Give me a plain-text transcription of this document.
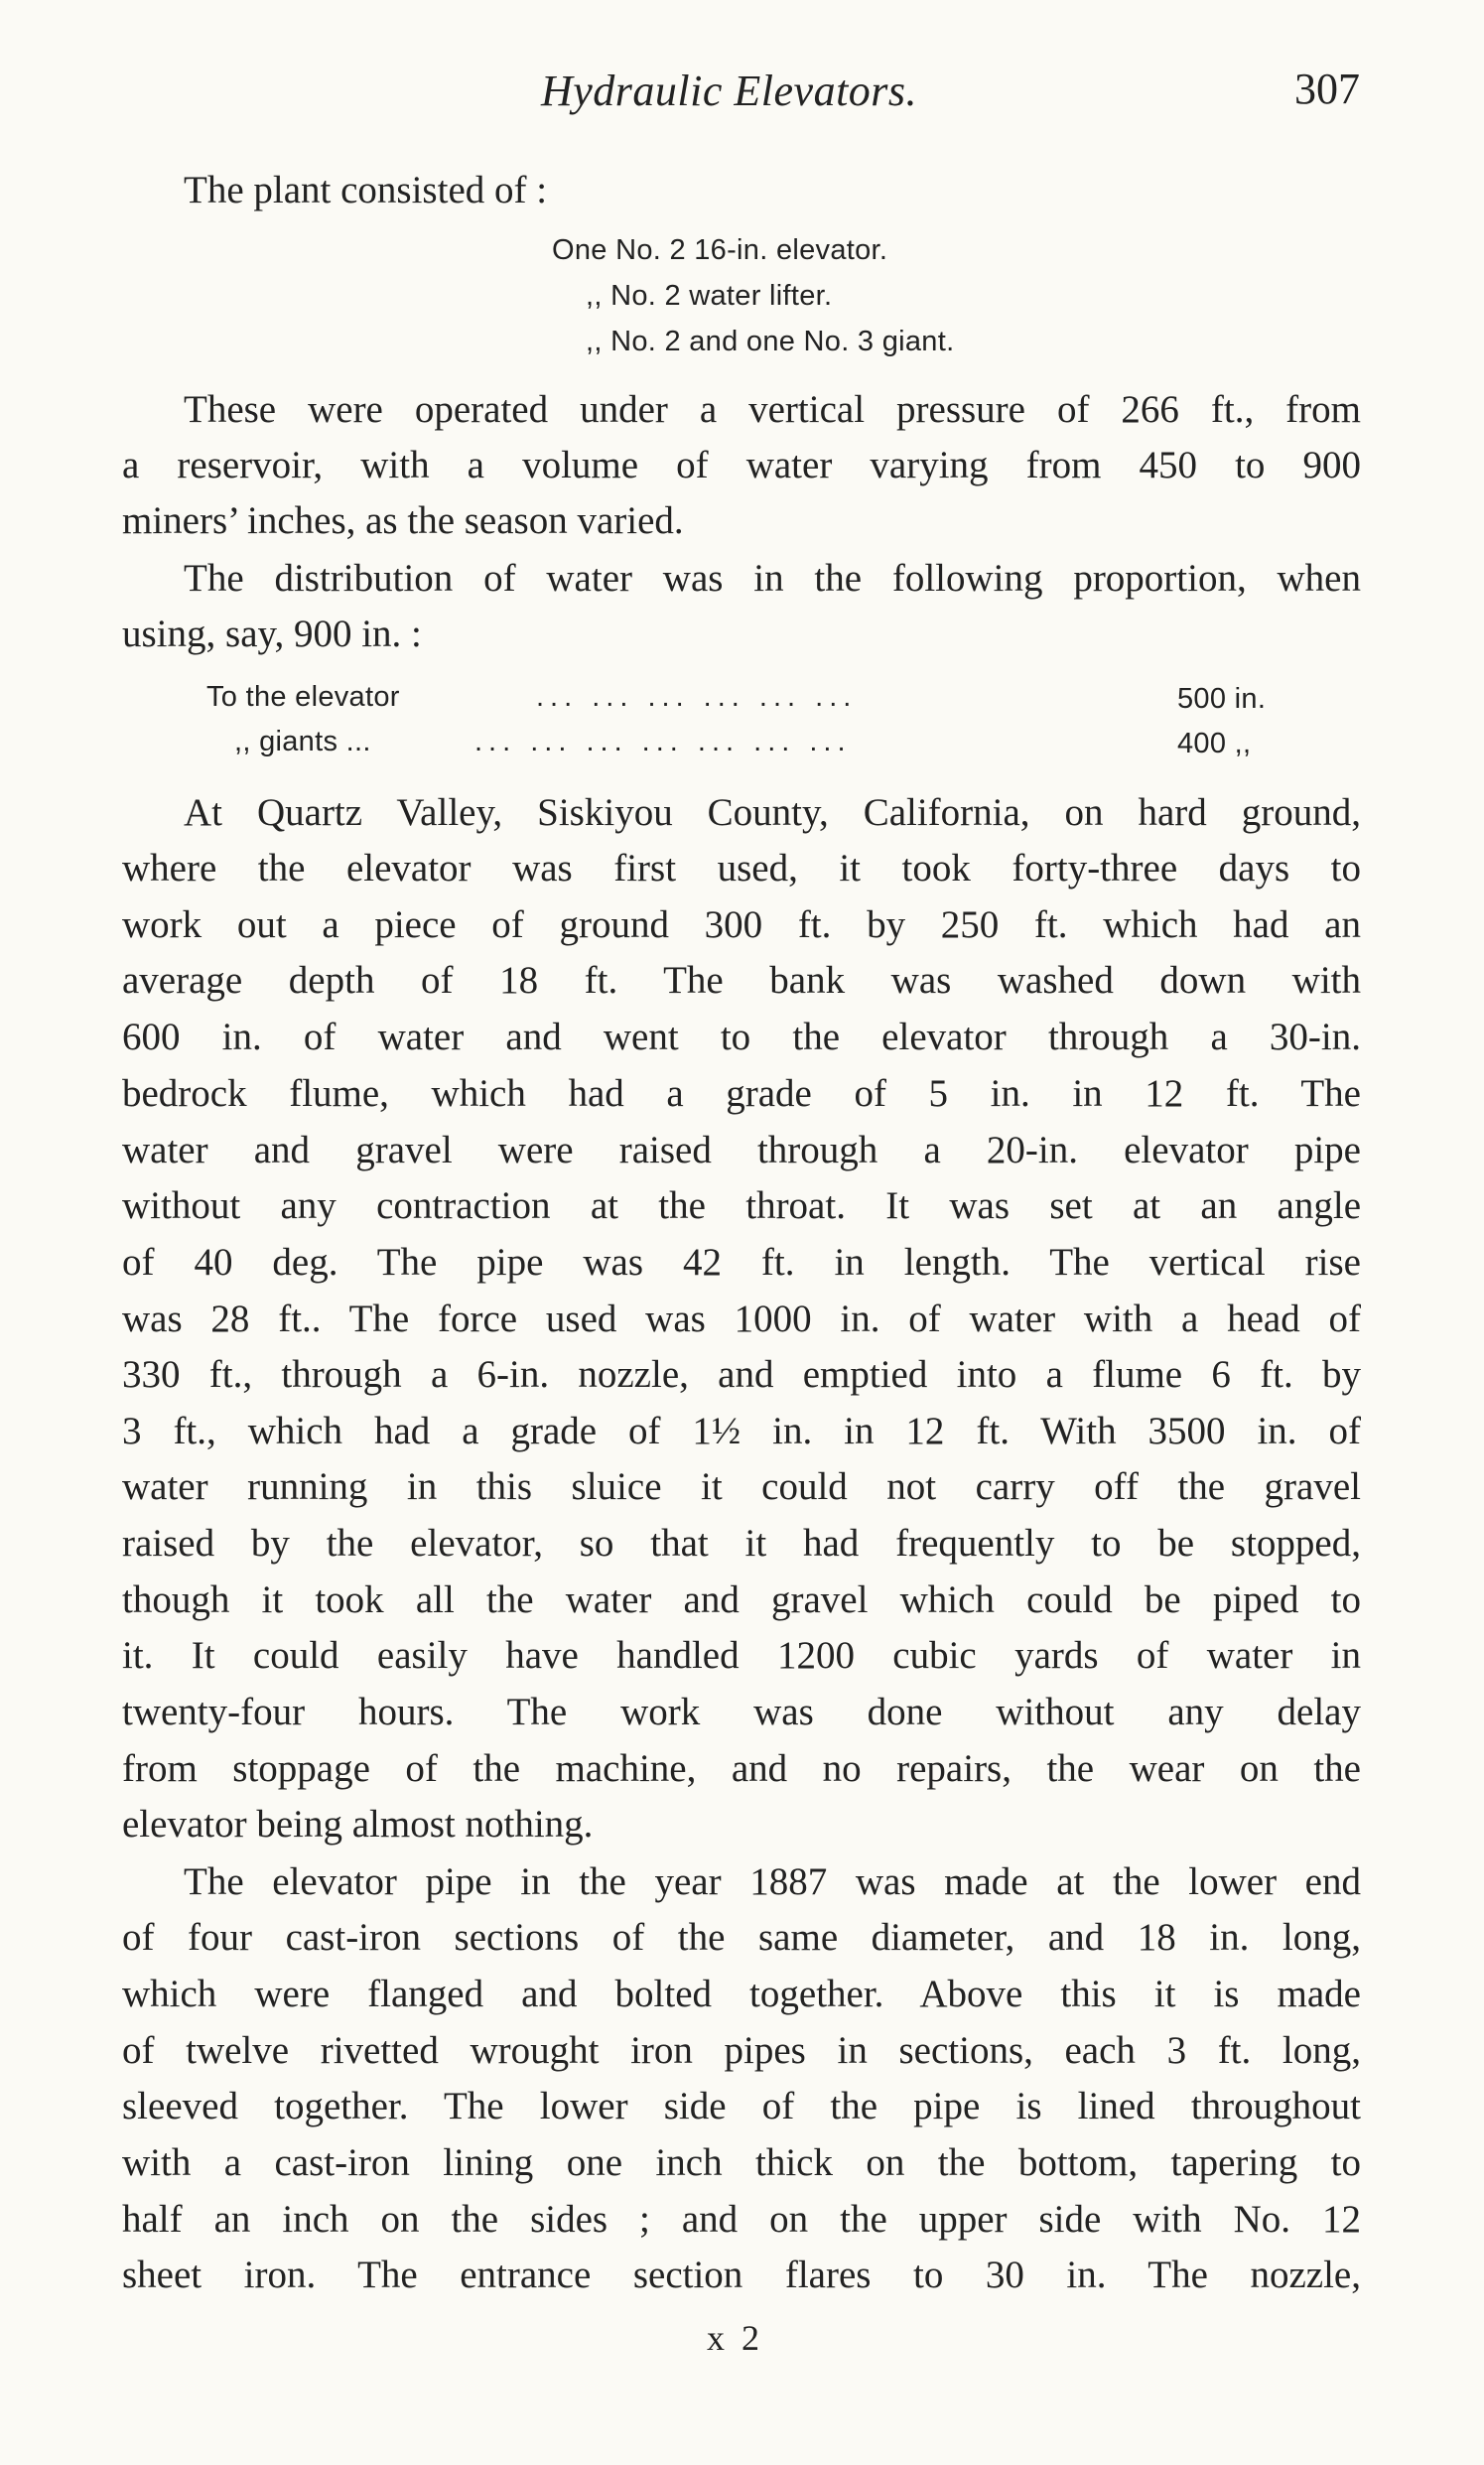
Hydraulic Elevators.	307
The plant consisted of :
One No. 2 16-in. elevator.
,, No. 2 water lifter.
,, No. 2 and one No. 3 giant.
These were operated under a vertical pressure of 266 ft., from
a reservoir, with a volume of water varying from 450 to 900
miners’ inches, as the season varied.
The distribution of water was in the following proportion, when
using, say, 900 in. :
To the elevator	... ... ... ... ... ...	500 in.
,, giants ...	... ... ... ... ... ... ...	400 ,,
At Quartz Valley, Siskiyou County, California, on hard ground,
where the elevator was first used, it took forty-three days to
work out a piece of ground 300 ft. by 250 ft. which had an
average depth of 18 ft. The bank was washed down with
600 in. of water and went to the elevator through a 30-in.
bedrock flume, which had a grade of 5 in. in 12 ft. The
water and gravel were raised through a 20-in. elevator pipe
without any contraction at the throat. It was set at an angle
of 40 deg. The pipe was 42 ft. in length. The vertical rise
was 28 ft.. The force used was 1000 in. of water with a head of
330 ft., through a 6-in. nozzle, and emptied into a flume 6 ft. by
3 ft., which had a grade of 1½ in. in 12 ft. With 3500 in. of
water running in this sluice it could not carry off the gravel
raised by the elevator, so that it had frequently to be stopped,
though it took all the water and gravel which could be piped to
it. It could easily have handled 1200 cubic yards of water in
twenty-four hours. The work was done without any delay
from stoppage of the machine, and no repairs, the wear on the
elevator being almost nothing.
The elevator pipe in the year 1887 was made at the lower end
of four cast-iron sections of the same diameter, and 18 in. long,
which were flanged and bolted together. Above this it is made
of twelve rivetted wrought iron pipes in sections, each 3 ft. long,
sleeved together. The lower side of the pipe is lined throughout
with a cast-iron lining one inch thick on the bottom, tapering to
half an inch on the sides ; and on the upper side with No. 12
sheet iron. The entrance section flares to 30 in. The nozzle,
x 2
